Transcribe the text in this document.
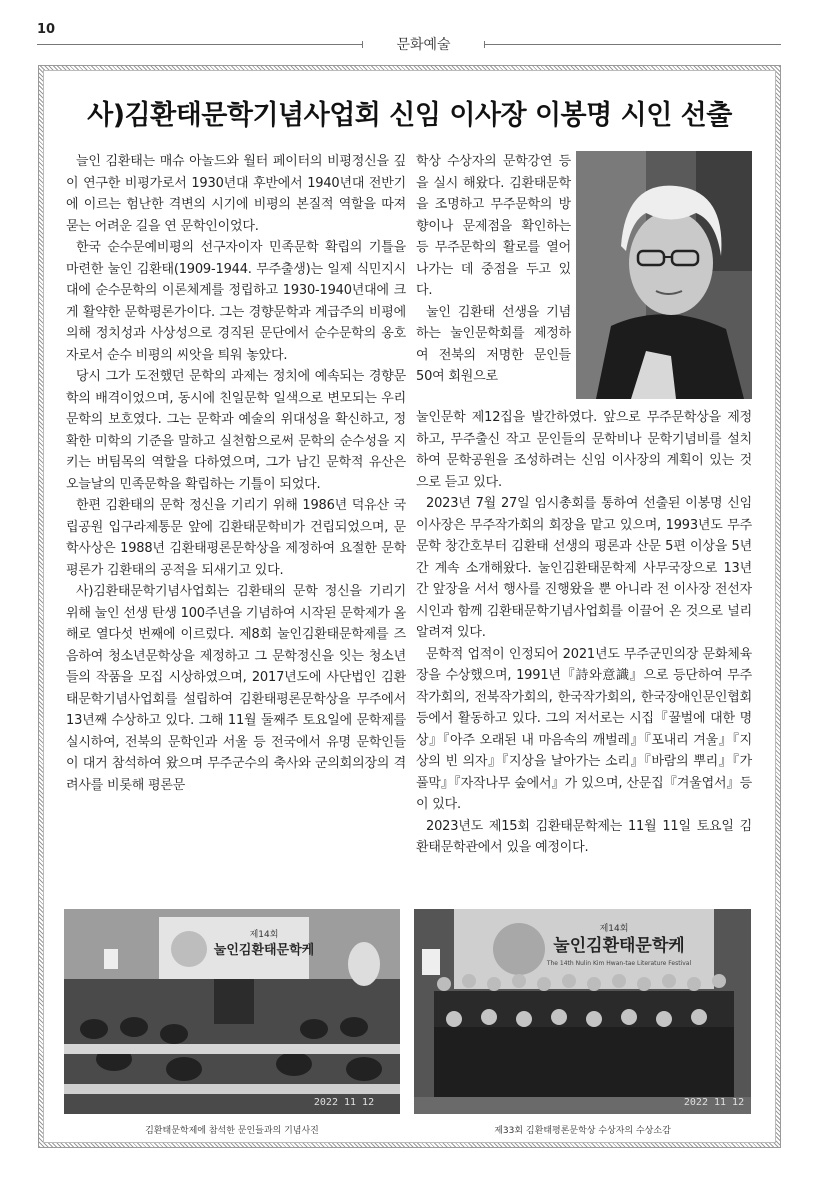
10
문화예술
사)김환태문학기념사업회 신임 이사장 이봉명 시인 선출

늘인 김환태는 매슈 아놀드와 월터 페이터의 비평정신을 깊이 연구한 비평가로서 1930년대 후반에서 1940년대 전반기에 이르는 험난한 격변의 시기에 비평의 본질적 역할을 따져 묻는 어려운 길을 연 문학인이었다.

한국 순수문예비평의 선구자이자 민족문학 확립의 기틀을 마련한 눌인 김환태(1909-1944. 무주출생)는 일제 식민지시대에 순수문학의 이론체계를 정립하고 1930-1940년대에 크게 활약한 문학평론가이다. 그는 경향문학과 계급주의 비평에 의해 정치성과 사상성으로 경직된 문단에서 순수문학의 옹호자로서 순수 비평의 씨앗을 틔워 놓았다.

당시 그가 도전했던 문학의 과제는 정치에 예속되는 경향문학의 배격이었으며, 동시에 친일문학 일색으로 변모되는 우리 문학의 보호였다. 그는 문학과 예술의 위대성을 확신하고, 정확한 미학의 기준을 말하고 실천함으로써 문학의 순수성을 지키는 버팀목의 역할을 다하였으며, 그가 남긴 문학적 유산은 오늘날의 민족문학을 확립하는 기틀이 되었다.

한편 김환태의 문학 정신을 기리기 위해 1986년 덕유산 국립공원 입구라제통문 앞에 김환태문학비가 건립되었으며, 문학사상은 1988년 김환태평론문학상을 제정하여 요절한 문학평론가 김환태의 공적을 되새기고 있다.

사)김환태문학기념사업회는 김환태의 문학 정신을 기리기 위해 눌인 선생 탄생 100주년을 기념하여 시작된 문학제가 올해로 열다섯 번째에 이르렀다. 제8회 눌인김환태문학제를 즈음하여 청소년문학상을 제정하고 그 문학정신을 잇는 청소년들의 작품을 모집 시상하였으며, 2017년도에 사단법인 김환태문학기념사업회를 설립하여 김환태평론문학상을 무주에서 13년째 수상하고 있다. 그해 11월 둘째주 토요일에 문학제를 실시하여, 전북의 문학인과 서울 등 전국에서 유명 문학인들이 대거 참석하여 왔으며 무주군수의 축사와 군의회의장의 격려사를 비롯해 평론문

학상 수상자의 문학강연 등을 실시 해왔다. 김환태문학을 조명하고 무주문학의 방향이나 문제점을 확인하는 등 무주문학의 활로를 열어나가는 데 중점을 두고 있다.

눌인 김환태 선생을 기념하는 눌인문학회를 제정하여 전북의 저명한 문인들 50여 회원으로

눌인문학 제12집을 발간하였다. 앞으로 무주문학상을 제정하고, 무주출신 작고 문인들의 문학비나 문학기념비를 설치하여 문학공원을 조성하려는 신임 이사장의 계획이 있는 것으로 듣고 있다.

2023년 7월 27일 임시총회를 통하여 선출된 이봉명 신임 이사장은 무주작가회의 회장을 맡고 있으며, 1993년도 무주문학 창간호부터 김환태 선생의 평론과 산문 5편 이상을 5년간 계속 소개해왔다. 눌인김환태문학제 사무국장으로 13년간 앞장을 서서 행사를 진행왔을 뿐 아니라 전 이사장 전선자 시인과 함께 김환태문학기념사업회를 이끌어 온 것으로 널리 알려져 있다.

문학적 업적이 인정되어 2021년도 무주군민의장 문화체육장을 수상했으며, 1991년『詩와意識』으로 등단하여 무주작가회의, 전북작가회의, 한국작가회의, 한국장애인문인협회 등에서 활동하고 있다. 그의 저서로는 시집『꿀벌에 대한 명상』『아주 오래된 내 마음속의 깨벌레』『포내리 겨울』『지상의 빈 의자』『지상을 날아가는 소리』『바람의 뿌리』『가풀막』『자작나무 숲에서』가 있으며, 산문집『겨울엽서』등이 있다.

2023년도 제15회 김환태문학제는 11월 11일 토요일 김환태문학관에서 있을 예정이다.

제14회
눌인김환태문학케
2022 11 12
김환태문학제에 참석한 문인들과의 기념사진
제14회
눌인김환태문학케
The 14th Nulin Kim Hwan-tae Literature Festival
2022 11 12
제33회 김환태평론문학상 수상자의 수상소감
